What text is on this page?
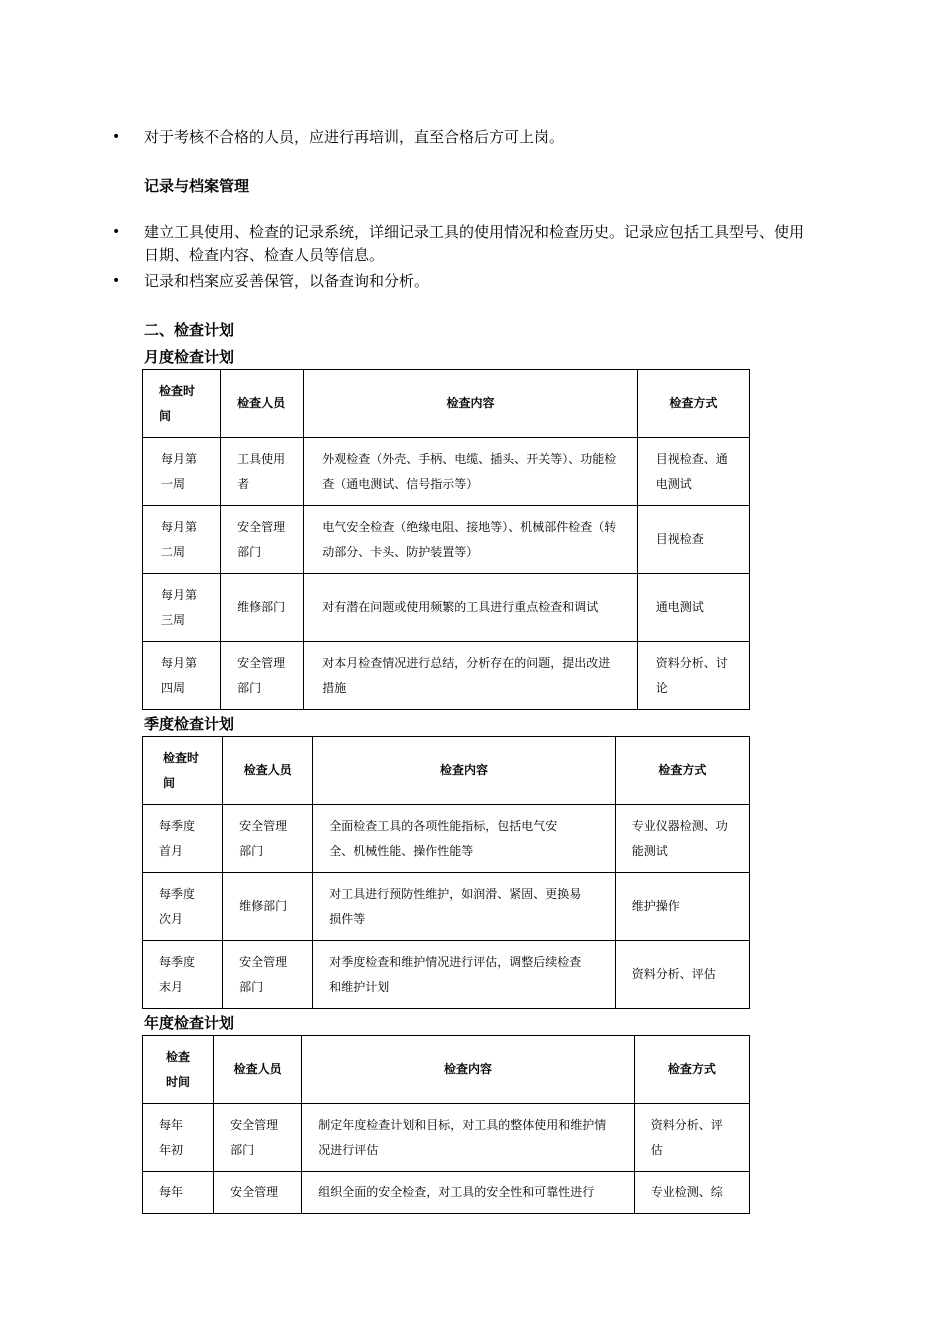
• 对于考核不合格的人员，应进行再培训，直至合格后方可上岗。
记录与档案管理
• 建立工具使用、检查的记录系统，详细记录工具的使用情况和检查历史。记录应包括工具型号、使用日期、检查内容、检查人员等信息。
• 记录和档案应妥善保管，以备查询和分析。
二、检查计划
月度检查计划
检查时间	检查人员	检查内容	检查方式
每月第一周	工具使用者	外观检查（外壳、手柄、电缆、插头、开关等）、功能检查（通电测试、信号指示等）	目视检查、通电测试
每月第二周	安全管理部门	电气安全检查（绝缘电阻、接地等）、机械部件检查（转动部分、卡头、防护装置等）	目视检查
每月第三周	维修部门	对有潜在问题或使用频繁的工具进行重点检查和调试	通电测试
每月第四周	安全管理部门	对本月检查情况进行总结，分析存在的问题，提出改进措施	资料分析、讨论
季度检查计划
检查时间	检查人员	检查内容	检查方式
每季度首月	安全管理部门	全面检查工具的各项性能指标，包括电气安全、机械性能、操作性能等	专业仪器检测、功能测试
每季度次月	维修部门	对工具进行预防性维护，如润滑、紧固、更换易损件等	维护操作
每季度末月	安全管理部门	对季度检查和维护情况进行评估，调整后续检查和维护计划	资料分析、评估
年度检查计划
检查时间	检查人员	检查内容	检查方式
每年年初	安全管理部门	制定年度检查计划和目标，对工具的整体使用和维护情况进行评估	资料分析、评估
每年	安全管理	组织全面的安全检查，对工具的安全性和可靠性进行	专业检测、综
